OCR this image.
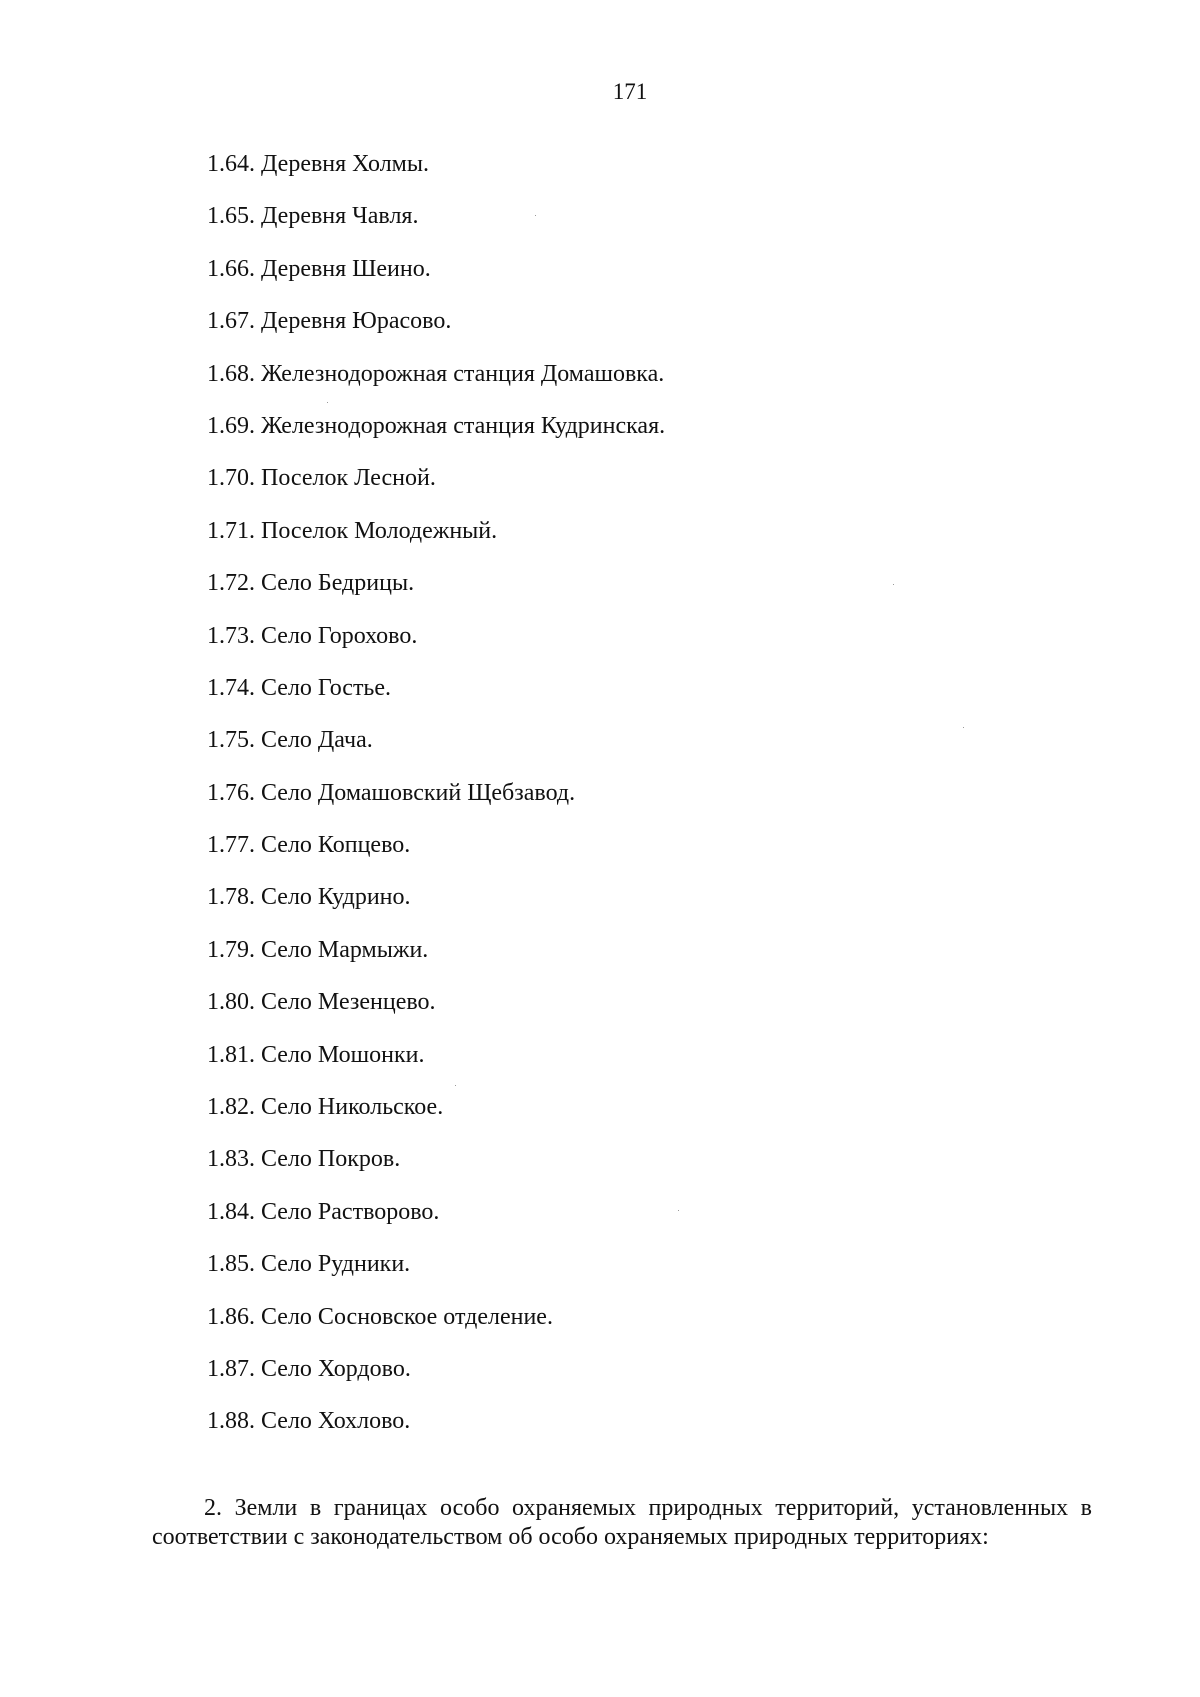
171
1.64. Деревня Холмы.
1.65. Деревня Чавля.
1.66. Деревня Шеино.
1.67. Деревня Юрасово.
1.68. Железнодорожная станция Домашовка.
1.69. Железнодорожная станция Кудринская.
1.70. Поселок Лесной.
1.71. Поселок Молодежный.
1.72. Село Бедрицы.
1.73. Село Горохово.
1.74. Село Гостье.
1.75. Село Дача.
1.76. Село Домашовский Щебзавод.
1.77. Село Копцево.
1.78. Село Кудрино.
1.79. Село Мармыжи.
1.80. Село Мезенцево.
1.81. Село Мошонки.
1.82. Село Никольское.
1.83. Село Покров.
1.84. Село Растворово.
1.85. Село Рудники.
1.86. Село Сосновское отделение.
1.87. Село Хордово.
1.88. Село Хохлово.

2. Земли в границах особо охраняемых природных территорий, установленных в соответствии с законодательством об особо охраняемых природных территориях:
